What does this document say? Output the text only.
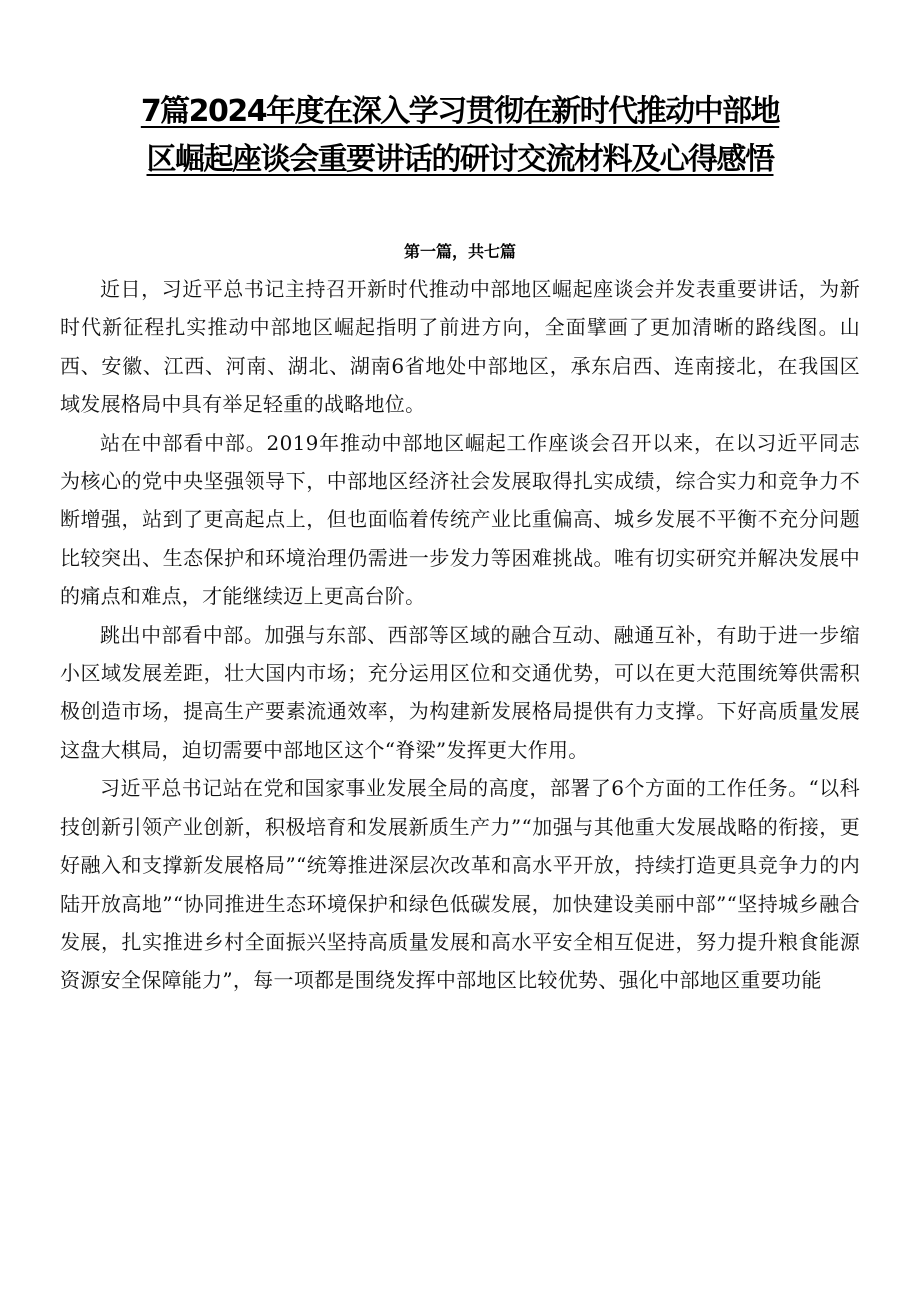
7篇2024年度在深入学习贯彻在新时代推动中部地
区崛起座谈会重要讲话的研讨交流材料及心得感悟
第一篇，共七篇

近日，习近平总书记主持召开新时代推动中部地区崛起座谈会并发表重要讲话，为新时代新征程扎实推动中部地区崛起指明了前进方向，全面擘画了更加清晰的路线图。山西、安徽、江西、河南、湖北、湖南6省地处中部地区，承东启西、连南接北，在我国区域发展格局中具有举足轻重的战略地位。

站在中部看中部。2019年推动中部地区崛起工作座谈会召开以来，在以习近平同志为核心的党中央坚强领导下，中部地区经济社会发展取得扎实成绩，综合实力和竞争力不断增强，站到了更高起点上，但也面临着传统产业比重偏高、城乡发展不平衡不充分问题比较突出、生态保护和环境治理仍需进一步发力等困难挑战。唯有切实研究并解决发展中的痛点和难点，才能继续迈上更高台阶。

跳出中部看中部。加强与东部、西部等区域的融合互动、融通互补，有助于进一步缩小区域发展差距，壮大国内市场；充分运用区位和交通优势，可以在更大范围统筹供需积极创造市场，提高生产要素流通效率，为构建新发展格局提供有力支撑。下好高质量发展这盘大棋局，迫切需要中部地区这个“脊梁”发挥更大作用。

习近平总书记站在党和国家事业发展全局的高度，部署了6个方面的工作任务。“以科技创新引领产业创新，积极培育和发展新质生产力”“加强与其他重大发展战略的衔接，更好融入和支撑新发展格局”“统筹推进深层次改革和高水平开放，持续打造更具竞争力的内陆开放高地”“协同推进生态环境保护和绿色低碳发展，加快建设美丽中部”“坚持城乡融合发展，扎实推进乡村全面振兴坚持高质量发展和高水平安全相互促进，努力提升粮食能源资源安全保障能力”，每一项都是围绕发挥中部地区比较优势、强化中部地区重要功能
